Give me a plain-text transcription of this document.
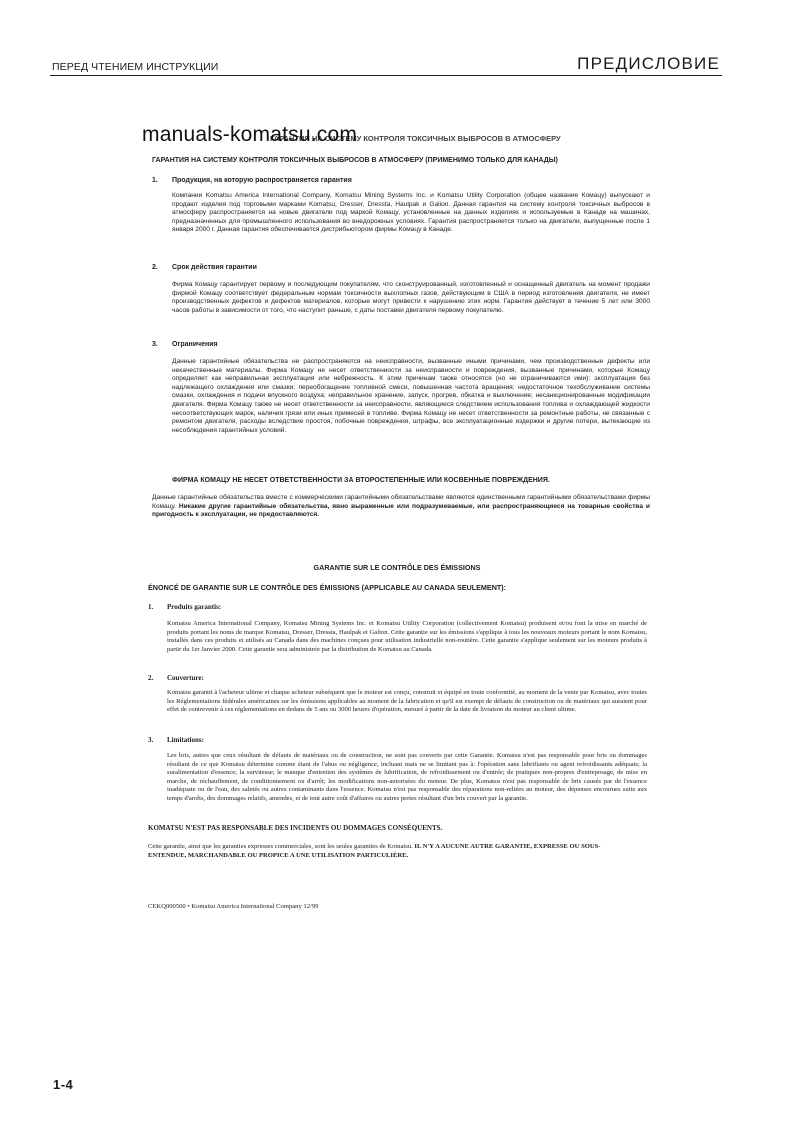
ПЕРЕД ЧТЕНИЕМ ИНСТРУКЦИИ	ПРЕДИСЛОВИЕ
ГАРАНТИЯ НА СИСТЕМУ КОНТРОЛЯ ТОКСИЧНЫХ ВЫБРОСОВ В АТМОСФЕРУ
manuals-komatsu.com
ГАРАНТИЯ НА СИСТЕМУ КОНТРОЛЯ ТОКСИЧНЫХ ВЫБРОСОВ В АТМОСФЕРУ (ПРИМЕНИМО ТОЛЬКО ДЛЯ КАНАДЫ)
1.	Продукция, на которую распространяется гарантия
Компании Komatsu America International Company, Komatsu Mining Systems Inc. и Komatsu Utility Corporation (общее название Комацу) выпускают и продают изделия под торговыми марками Komatsu, Dresser, Dressta, Haulpak и Galion. Данная гарантия на систему контроля токсичных выбросов в атмосферу распространяется на новые двигатели под маркой Комацу, установленные на данных изделиях и используемые в Канаде на машинах, предназначенных для промышленного использования во внедорожных условиях. Гарантия распространяется только на двигатели, выпущенные после 1 января 2000 г. Данная гарантия обеспечивается дистрибьютором фирмы Комацу в Канаде.
2.	Срок действия гарантии
Фирма Комацу гарантирует первому и последующим покупателям, что сконструированный, изготовленный и оснащенный двигатель на момент продажи фирмой Комацу соответствует федеральным нормам токсичности выхлопных газов, действующим в США в период изготовления двигателя, не имеет производственных дефектов и дефектов материалов, которые могут привести к нарушению этих норм. Гарантия действует в течение 5 лет или 3000 часов работы в зависимости от того, что наступит раньше, с даты поставки двигателя первому покупателю.
3.	Ограничения
Данные гарантийные обязательства не распространяются на неисправности, вызванные иными причинами, чем производственные дефекты или некачественные материалы. Фирма Комацу не несет ответственности за неисправности и повреждения, вызванные причинами, которые Комацу определяет как неправильная эксплуатация или небрежность. К этим причинам также относятся (но не ограничиваются ими): эксплуатация без надлежащего охлаждения или смазки; переобогащение топливной смеси, повышенная частота вращения; недостаточное техобслуживание системы смазки, охлаждения и подачи впускного воздуха; неправильное хранение, запуск, прогрев, обкатка и выключение; несанкционированные модификации двигателя. Фирма Комацу также не несет ответственности за неисправности, являющиеся следствием использования топлива и охлаждающей жидкости несоответствующих марок, наличия грязи или иных примесей в топливе. Фирма Комацу не несет ответственности за ремонтные работы, не связанные с ремонтом двигателя, расходы вследствие простоя, побочные повреждения, штрафы, все эксплуатационные издержки и другие потери, вытекающие из несоблюдения гарантийных условий.
ФИРМА КОМАЦУ НЕ НЕСЕТ ОТВЕТСТВЕННОСТИ ЗА ВТОРОСТЕПЕННЫЕ ИЛИ КОСВЕННЫЕ ПОВРЕЖДЕНИЯ.
Данные гарантийные обязательства вместе с коммерческими гарантийными обязательствами являются единственными гарантийными обязательствами фирмы Комацу. Никакие другие гарантийные обязательства, явно выраженные или подразумеваемые, или распространяющиеся на товарные свойства и пригодность к эксплуатации, не предоставляются.
GARANTIE SUR LE CONTRÔLE DES ÉMISSIONS
ÉNONCÉ DE GARANTIE SUR LE CONTRÔLE DES ÉMISSIONS (APPLICABLE AU CANADA SEULEMENT):
1.	Produits garantis:
Komatsu America International Company, Komatsu Mining Systems Inc. et Komatsu Utility Corporation (collectivement Komatsu) produisent et/ou font la mise en marché de produits portant les noms de marque Komatsu, Dresser, Dressta, Haulpak et Galion. Cette garantie sur les émissions s'applique à tous les nouveaux moteurs portant le nom Komatsu, installés dans ces produits et utilisés au Canada dans des machines conçues pour utilisation industrielle non-routière. Cette garantie s'applique seulement sur les moteurs produits à partir du 1er Janvier 2000. Cette garantie sera administrée par la distribution de Komatsu au Canada.
2.	Couverture:
Komatsu garantit à l'acheteur ultime et chaque acheteur subséquent que le moteur est conçu, construit et équipé en toute conformité, au moment de la vente par Komatsu, avec toutes les Réglementations fédérales américaines sur les émissions applicables au moment de la fabrication et qu'il est exempt de défauts de construction ou de matériaux qui auraient pour effet de contrevenir à ces réglementations en dedans de 5 ans ou 3000 heures d'opération, mesuré à partir de la date de livraison du moteur au client ultime.
3.	Limitations:
Les bris, autres que ceux résultant de défauts de matériaux ou de construction, ne sont pas couverts par cette Garantie. Komatsu n'est pas responsable pour bris ou dommages résultant de ce que Komatsu détermine comme étant de l'abus ou négligence, incluant mais ne se limitant pas à: l'opération sans lubrifiants ou agent refroidissants adéquats; la suralimentation d'essence; la survitesse; le manque d'entretien des systèmes de lubrification, de refroidissement ou d'entrée; de pratiques non-propres d'entreposage, de mise en marche, de réchauffement, de conditionnement ou d'arrêt; les modifications non-autorisées du moteur. De plus, Komatsu n'est pas responsable de bris causés par de l'essence inadéquate ou de l'eau, des saletés ou autres contaminants dans l'essence. Komatsu n'est pas responsable des réparations non-reliées au moteur, des dépenses encourues suite aux temps d'arrêts, des dommages relatifs, amendes, et de tout autre coût d'affaires ou autres pertes résultant d'un bris couvert par la garantie.
KOMATSU N'EST PAS RESPONSABLE DES INCIDENTS OU DOMMAGES CONSÉQUENTS.
Cette garantie, ainsi que les garanties expresses commerciales, sont les seules garanties de Komatsu. IL N'Y A AUCUNE AUTRE GARANTIE, EXPRESSE OU SOUS-ENTENDUE, MARCHANDABLE OU PROPICE A UNE UTILISATION PARTICULIÈRE.
CEKQ000500 • Komatsu America International Company 12/99
1-4
